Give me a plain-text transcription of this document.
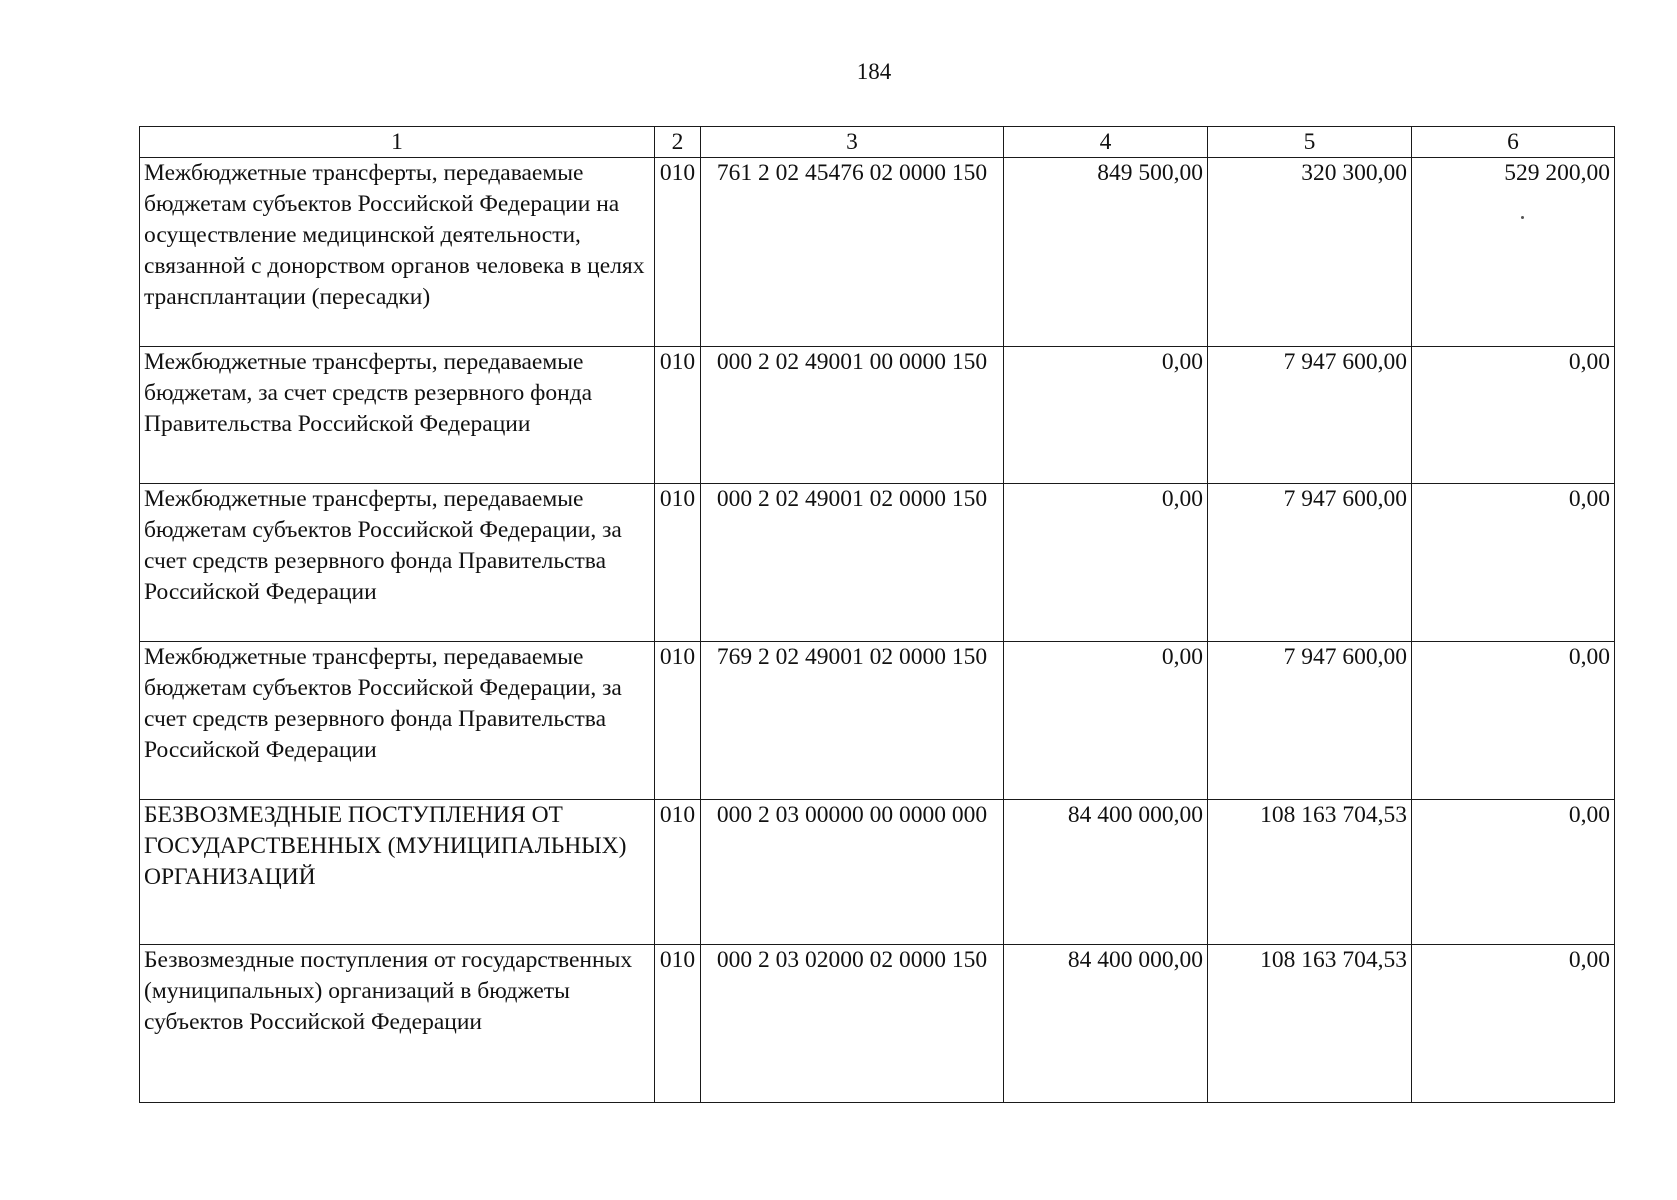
184
1	2	3	4	5	6
Межбюджетные трансферты, передаваемые бюджетам субъектов Российской Федерации на осуществление медицинской деятельности, связанной с донорством органов человека в целях трансплантации (пересадки)	010	761 2 02 45476 02 0000 150	849 500,00	320 300,00	529 200,00
Межбюджетные трансферты, передаваемые бюджетам, за счет средств резервного фонда Правительства Российской Федерации	010	000 2 02 49001 00 0000 150	0,00	7 947 600,00	0,00
Межбюджетные трансферты, передаваемые бюджетам субъектов Российской Федерации, за счет средств резервного фонда Правительства Российской Федерации	010	000 2 02 49001 02 0000 150	0,00	7 947 600,00	0,00
Межбюджетные трансферты, передаваемые бюджетам субъектов Российской Федерации, за счет средств резервного фонда Правительства Российской Федерации	010	769 2 02 49001 02 0000 150	0,00	7 947 600,00	0,00
БЕЗВОЗМЕЗДНЫЕ ПОСТУПЛЕНИЯ ОТ ГОСУДАРСТВЕННЫХ (МУНИЦИПАЛЬНЫХ) ОРГАНИЗАЦИЙ	010	000 2 03 00000 00 0000 000	84 400 000,00	108 163 704,53	0,00
Безвозмездные поступления от государственных (муниципальных) организаций в бюджеты субъектов Российской Федерации	010	000 2 03 02000 02 0000 150	84 400 000,00	108 163 704,53	0,00
